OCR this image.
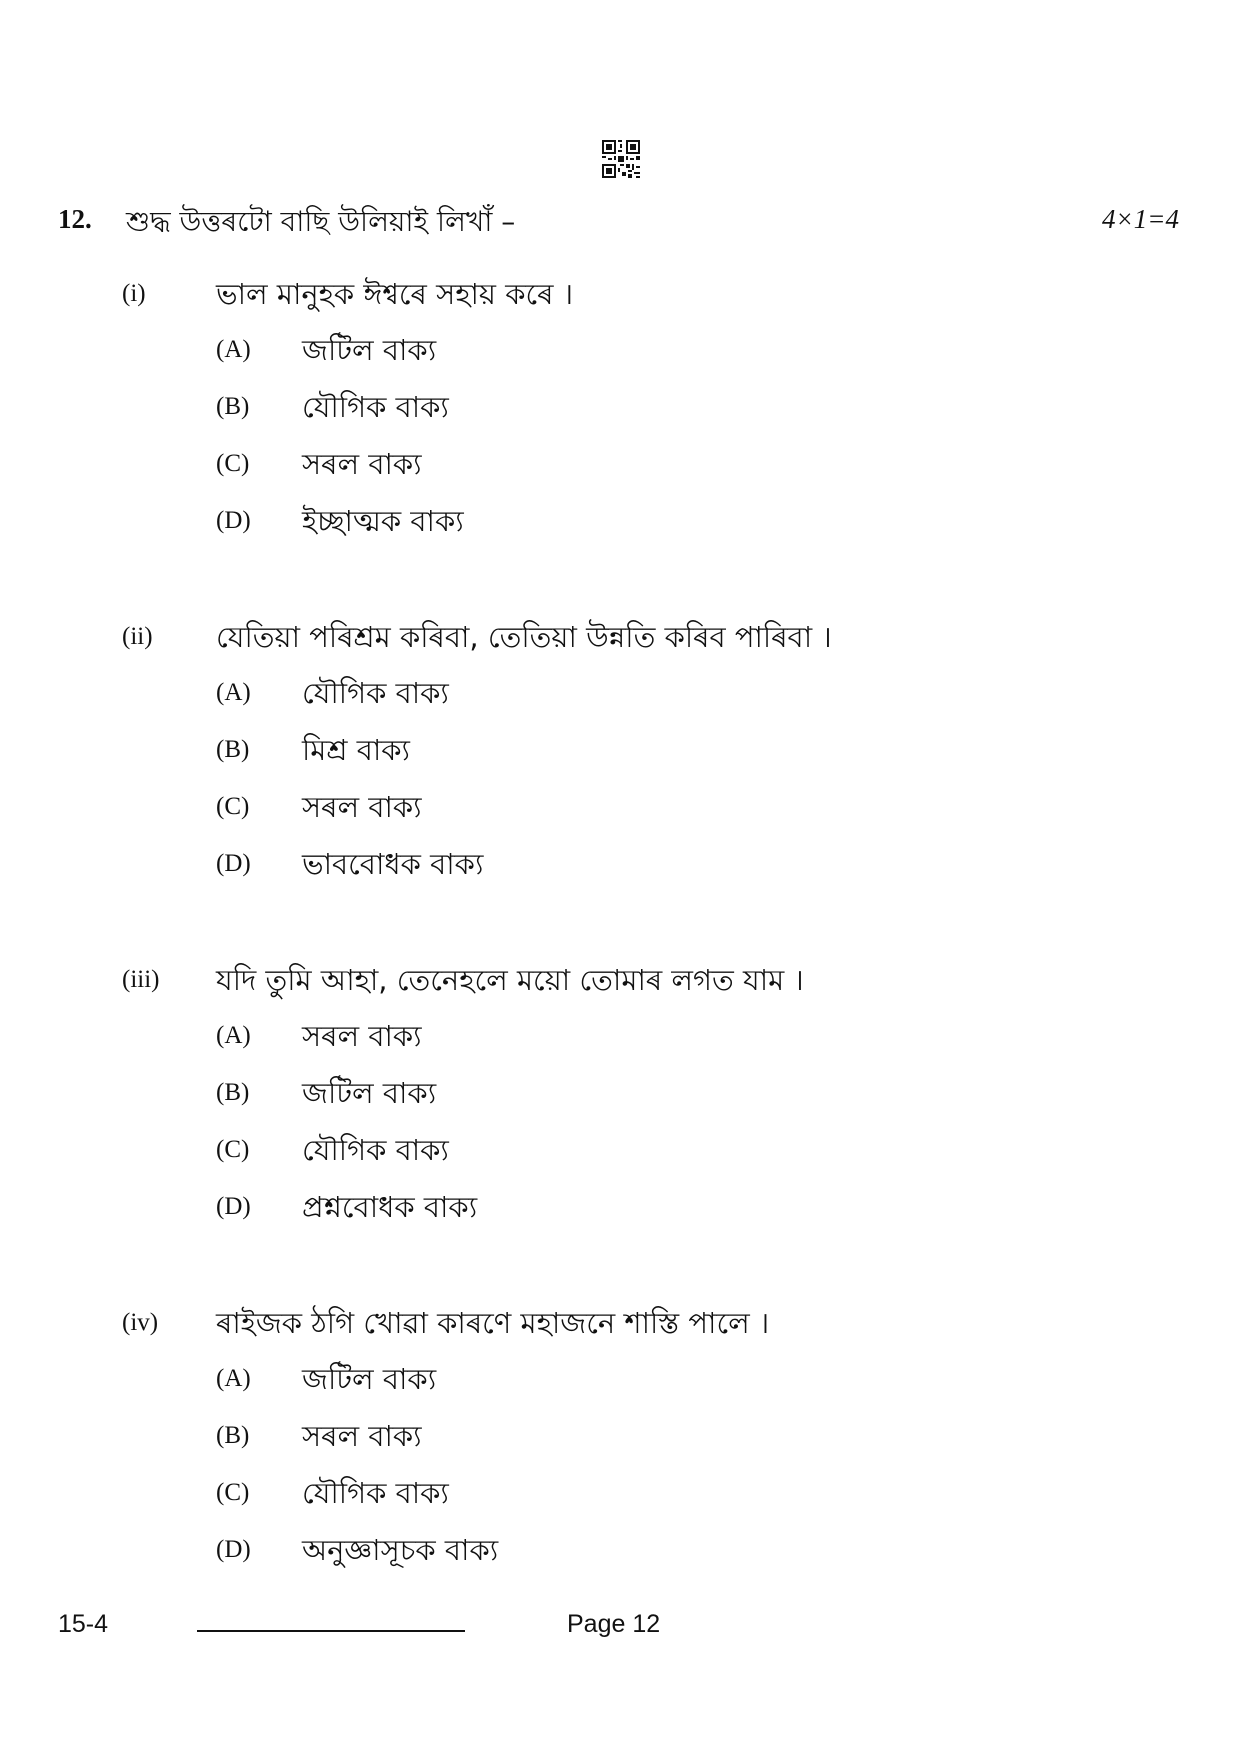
12. শুদ্ধ উত্তৰটো বাছি উলিয়াই লিখাঁ –	4×1=4
(i) ভাল মানুহক ঈশ্বৰে সহায় কৰে ।
(A) জটিল বাক্য
(B) যৌগিক বাক্য
(C) সৰল বাক্য
(D) ইচ্ছাত্মক বাক্য
(ii) যেতিয়া পৰিশ্ৰম কৰিবা, তেতিয়া উন্নতি কৰিব পাৰিবা ।
(A) যৌগিক বাক্য
(B) মিশ্ৰ বাক্য
(C) সৰল বাক্য
(D) ভাববোধক বাক্য
(iii) যদি তুমি আহা, তেনেহলে ময়ো তোমাৰ লগত যাম ।
(A) সৰল বাক্য
(B) জটিল বাক্য
(C) যৌগিক বাক্য
(D) প্ৰশ্নবোধক বাক্য
(iv) ৰাইজক ঠগি খোৱা কাৰণে মহাজনে শাস্তি পালে ।
(A) জটিল বাক্য
(B) সৰল বাক্য
(C) যৌগিক বাক্য
(D) অনুজ্ঞাসূচক বাক্য
15-4	Page 12
